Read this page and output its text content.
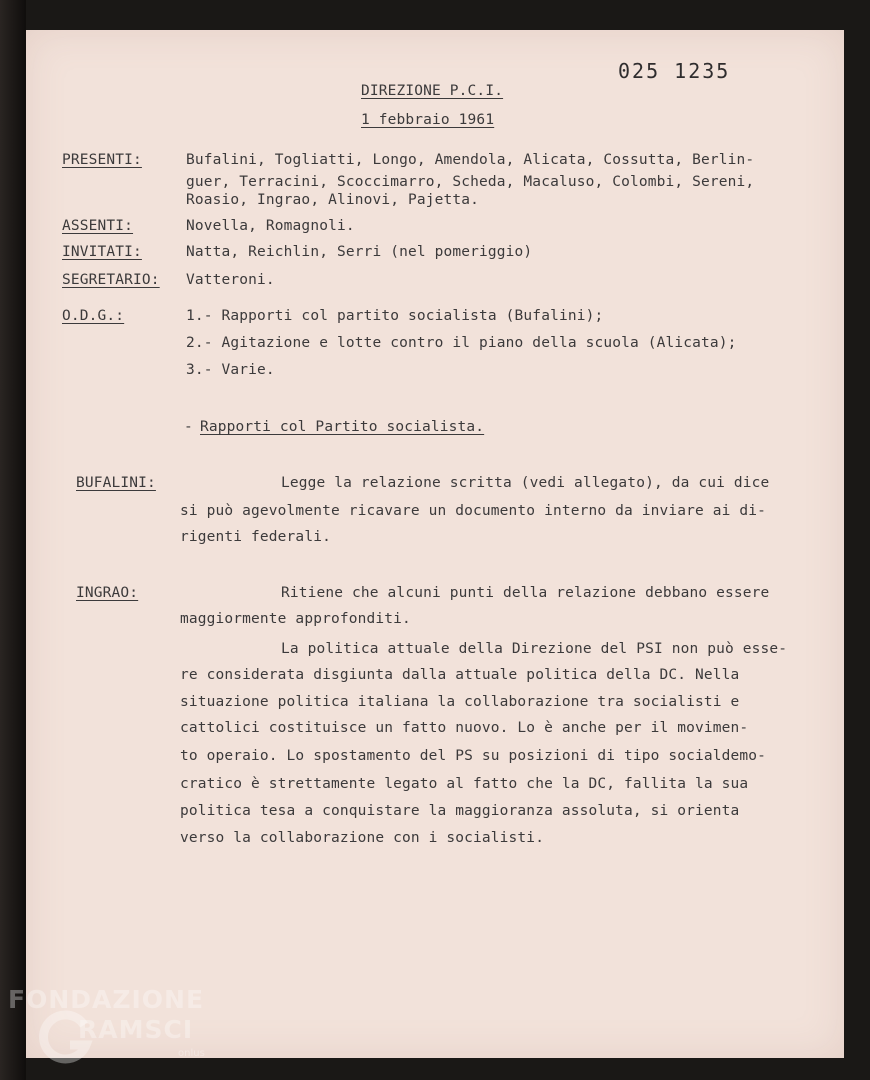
025 1235
DIREZIONE P.C.I.
1 febbraio 1961
PRESENTI:	Bufalini, Togliatti, Longo, Amendola, Alicata, Cossutta, Berlin-
guer, Terracini, Scoccimarro, Scheda, Macaluso, Colombi, Sereni,
Roasio, Ingrao, Alinovi, Pajetta.
ASSENTI:	Novella, Romagnoli.
INVITATI:	Natta, Reichlin, Serri (nel pomeriggio)
SEGRETARIO: Vatteroni.
O.D.G.:	1.- Rapporti col partito socialista (Bufalini);
2.- Agitazione e lotte contro il piano della scuola (Alicata);
3.- Varie.
- Rapporti col Partito socialista.
BUFALINI:	Legge la relazione scritta (vedi allegato), da cui dice
si può agevolmente ricavare un documento interno da inviare ai di-
rigenti federali.
INGRAO:	Ritiene che alcuni punti della relazione debbano essere
maggiormente approfonditi.
La politica attuale della Direzione del PSI non può esse-
re considerata disgiunta dalla attuale politica della DC. Nella
situazione politica italiana la collaborazione tra socialisti e
cattolici costituisce un fatto nuovo. Lo è anche per il movimen-
to operaio. Lo spostamento del PS su posizioni di tipo socialdemo-
cratico è strettamente legato al fatto che la DC, fallita la sua
politica tesa a conquistare la maggioranza assoluta, si orienta
verso la collaborazione con i socialisti.
FONDAZIONE
RAMSCI
onlus
